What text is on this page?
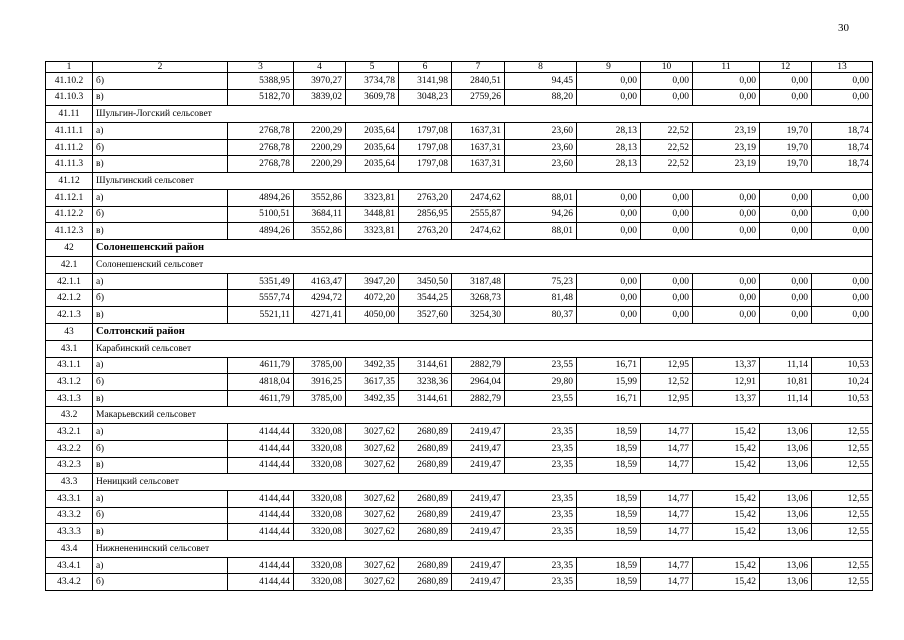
30
1	2	3	4	5	6	7	8	9	10	11	12	13
41.10.2	б)	5388,95	3970,27	3734,78	3141,98	2840,51	94,45	0,00	0,00	0,00	0,00	0,00
41.10.3	в)	5182,70	3839,02	3609,78	3048,23	2759,26	88,20	0,00	0,00	0,00	0,00	0,00
41.11	Шульгин-Логский сельсовет											
41.11.1	а)	2768,78	2200,29	2035,64	1797,08	1637,31	23,60	28,13	22,52	23,19	19,70	18,74
41.11.2	б)	2768,78	2200,29	2035,64	1797,08	1637,31	23,60	28,13	22,52	23,19	19,70	18,74
41.11.3	в)	2768,78	2200,29	2035,64	1797,08	1637,31	23,60	28,13	22,52	23,19	19,70	18,74
41.12	Шульгинский сельсовет											
41.12.1	а)	4894,26	3552,86	3323,81	2763,20	2474,62	88,01	0,00	0,00	0,00	0,00	0,00
41.12.2	б)	5100,51	3684,11	3448,81	2856,95	2555,87	94,26	0,00	0,00	0,00	0,00	0,00
41.12.3	в)	4894,26	3552,86	3323,81	2763,20	2474,62	88,01	0,00	0,00	0,00	0,00	0,00
42	Солонешенский район											
42.1	Солонешенский сельсовет											
42.1.1	а)	5351,49	4163,47	3947,20	3450,50	3187,48	75,23	0,00	0,00	0,00	0,00	0,00
42.1.2	б)	5557,74	4294,72	4072,20	3544,25	3268,73	81,48	0,00	0,00	0,00	0,00	0,00
42.1.3	в)	5521,11	4271,41	4050,00	3527,60	3254,30	80,37	0,00	0,00	0,00	0,00	0,00
43	Солтонский район											
43.1	Карабинский сельсовет											
43.1.1	а)	4611,79	3785,00	3492,35	3144,61	2882,79	23,55	16,71	12,95	13,37	11,14	10,53
43.1.2	б)	4818,04	3916,25	3617,35	3238,36	2964,04	29,80	15,99	12,52	12,91	10,81	10,24
43.1.3	в)	4611,79	3785,00	3492,35	3144,61	2882,79	23,55	16,71	12,95	13,37	11,14	10,53
43.2	Макарьевский сельсовет											
43.2.1	а)	4144,44	3320,08	3027,62	2680,89	2419,47	23,35	18,59	14,77	15,42	13,06	12,55
43.2.2	б)	4144,44	3320,08	3027,62	2680,89	2419,47	23,35	18,59	14,77	15,42	13,06	12,55
43.2.3	в)	4144,44	3320,08	3027,62	2680,89	2419,47	23,35	18,59	14,77	15,42	13,06	12,55
43.3	Неницкий сельсовет											
43.3.1	а)	4144,44	3320,08	3027,62	2680,89	2419,47	23,35	18,59	14,77	15,42	13,06	12,55
43.3.2	б)	4144,44	3320,08	3027,62	2680,89	2419,47	23,35	18,59	14,77	15,42	13,06	12,55
43.3.3	в)	4144,44	3320,08	3027,62	2680,89	2419,47	23,35	18,59	14,77	15,42	13,06	12,55
43.4	Нижнененинский сельсовет											
43.4.1	а)	4144,44	3320,08	3027,62	2680,89	2419,47	23,35	18,59	14,77	15,42	13,06	12,55
43.4.2	б)	4144,44	3320,08	3027,62	2680,89	2419,47	23,35	18,59	14,77	15,42	13,06	12,55
